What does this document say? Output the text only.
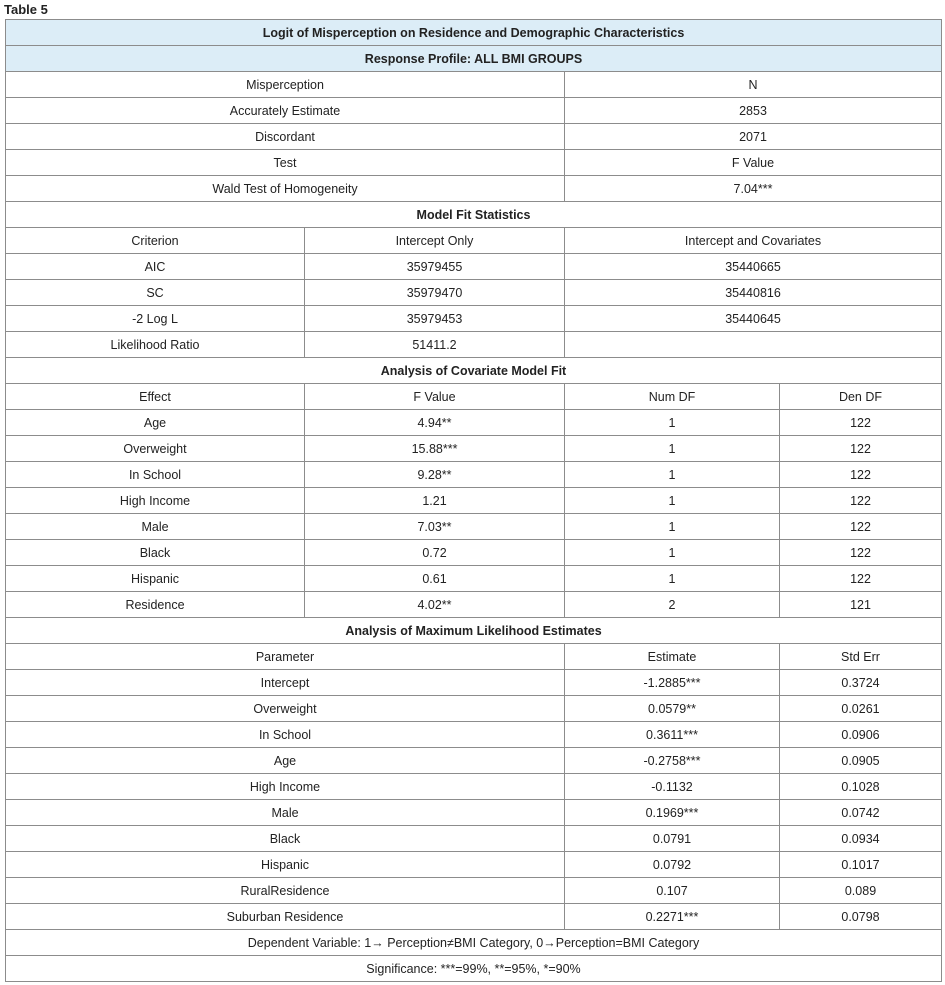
Table 5
Logit of Misperception on Residence and Demographic Characteristics			
Response Profile: ALL BMI GROUPS			
Misperception		N	
Accurately Estimate		2853	
Discordant		2071	
Test		F Value	
Wald Test of Homogeneity		7.04***	
Model Fit Statistics			
Criterion	Intercept Only	Intercept and Covariates	
AIC	35979455	35440665	
SC	35979470	35440816	
-2 Log L	35979453	35440645	
Likelihood Ratio	51411.2		
Analysis of Covariate Model Fit			
Effect	F Value	Num DF	Den DF
Age	4.94**	1	122
Overweight	15.88***	1	122
In School	9.28**	1	122
High Income	1.21	1	122
Male	7.03**	1	122
Black	0.72	1	122
Hispanic	0.61	1	122
Residence	4.02**	2	121
Analysis of Maximum Likelihood Estimates			
Parameter		Estimate	Std Err
Intercept		-1.2885***	0.3724
Overweight		0.0579**	0.0261
In School		0.3611***	0.0906
Age		-0.2758***	0.0905
High Income		-0.1132	0.1028
Male		0.1969***	0.0742
Black		0.0791	0.0934
Hispanic		0.0792	0.1017
RuralResidence		0.107	0.089
Suburban Residence		0.2271***	0.0798
Dependent Variable: 1→ Perception≠BMI Category, 0→Perception=BMI Category			
Significance: ***=99%, **=95%, *=90%			
